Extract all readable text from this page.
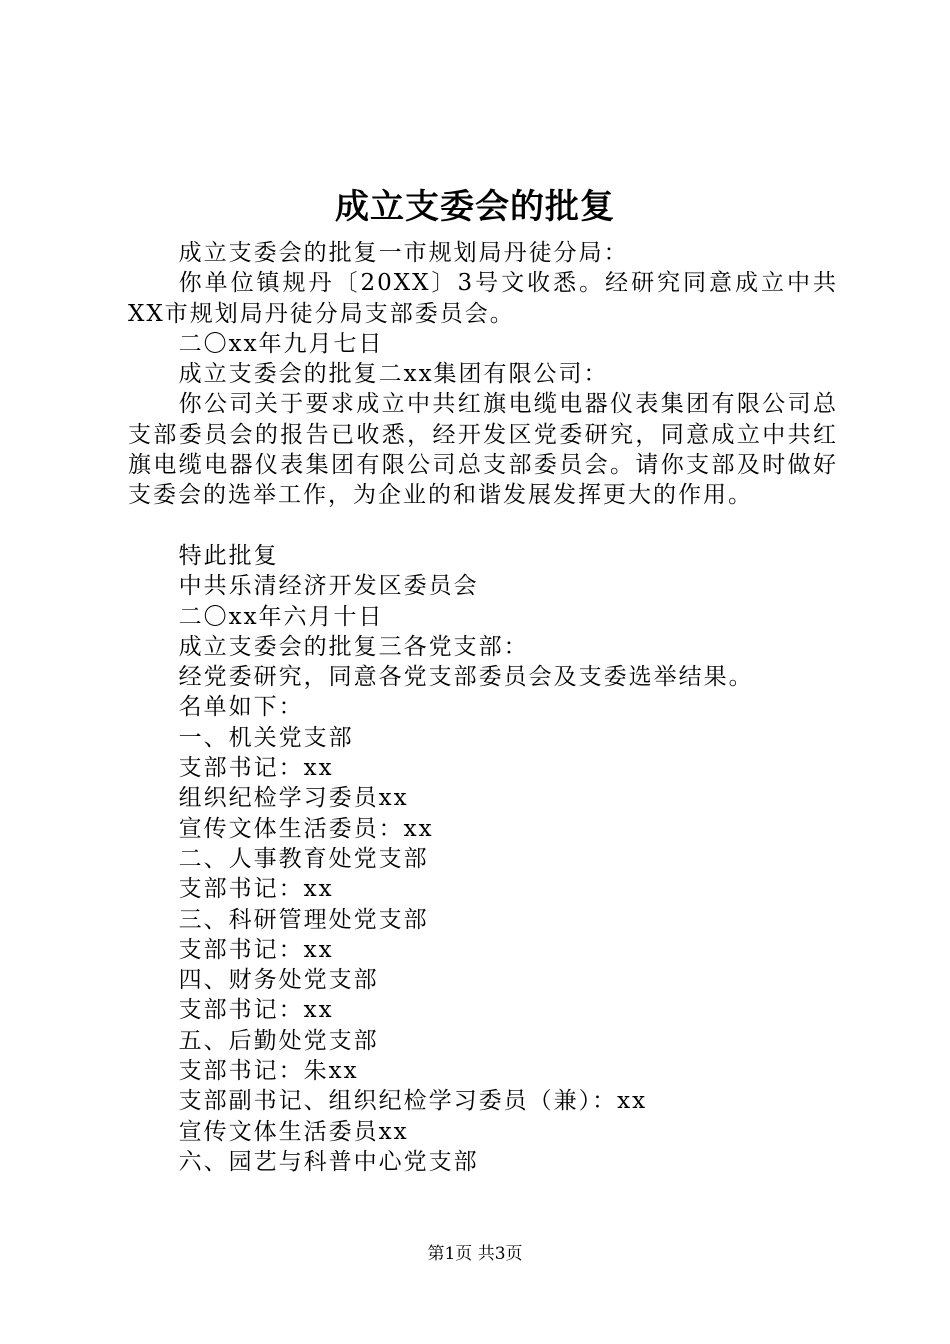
成立支委会的批复

成立支委会的批复一市规划局丹徒分局：

你单位镇规丹〔20XX〕3号文收悉。经研究同意成立中共XX市规划局丹徒分局支部委员会。

二〇xx年九月七日

成立支委会的批复二xx集团有限公司：

你公司关于要求成立中共红旗电缆电器仪表集团有限公司总支部委员会的报告已收悉，经开发区党委研究，同意成立中共红旗电缆电器仪表集团有限公司总支部委员会。请你支部及时做好支委会的选举工作，为企业的和谐发展发挥更大的作用。

特此批复

中共乐清经济开发区委员会

二〇xx年六月十日

成立支委会的批复三各党支部：

经党委研究，同意各党支部委员会及支委选举结果。

名单如下：

一、机关党支部

支部书记：xx

组织纪检学习委员xx

宣传文体生活委员：xx

二、人事教育处党支部

支部书记：xx

三、科研管理处党支部

支部书记：xx

四、财务处党支部

支部书记：xx

五、后勤处党支部

支部书记：朱xx

支部副书记、组织纪检学习委员（兼）：xx

宣传文体生活委员xx

六、园艺与科普中心党支部

第1页 共3页
